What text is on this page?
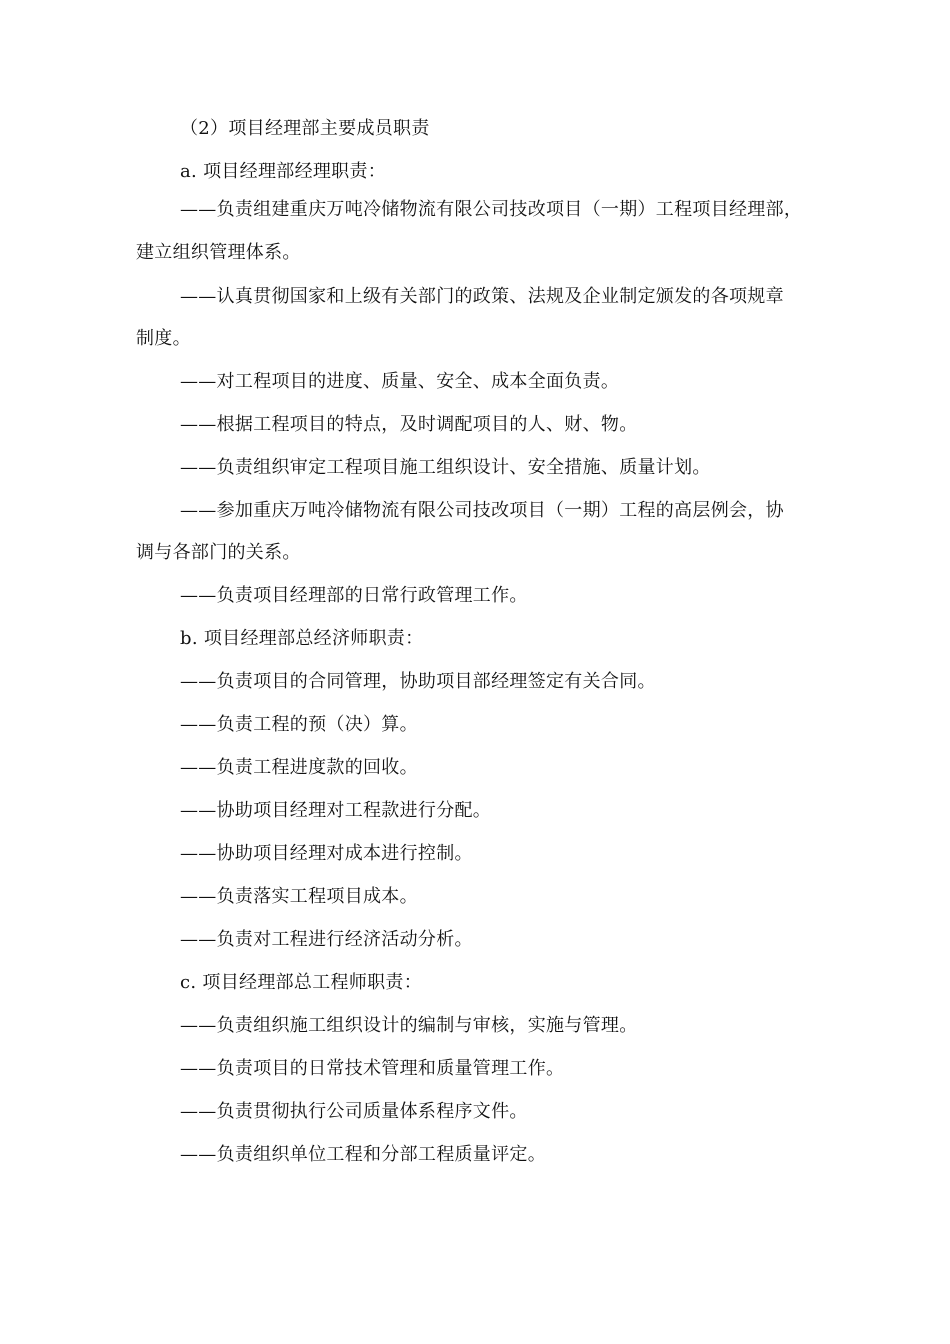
（2）项目经理部主要成员职责
a. 项目经理部经理职责：
——负责组建重庆万吨冷储物流有限公司技改项目（一期）工程项目经理部，
建立组织管理体系。
——认真贯彻国家和上级有关部门的政策、法规及企业制定颁发的各项规章
制度。
——对工程项目的进度、质量、安全、成本全面负责。
——根据工程项目的特点，及时调配项目的人、财、物。
——负责组织审定工程项目施工组织设计、安全措施、质量计划。
——参加重庆万吨冷储物流有限公司技改项目（一期）工程的高层例会，协
调与各部门的关系。
——负责项目经理部的日常行政管理工作。
b. 项目经理部总经济师职责：
——负责项目的合同管理，协助项目部经理签定有关合同。
——负责工程的预（决）算。
——负责工程进度款的回收。
——协助项目经理对工程款进行分配。
——协助项目经理对成本进行控制。
——负责落实工程项目成本。
——负责对工程进行经济活动分析。
c. 项目经理部总工程师职责：
——负责组织施工组织设计的编制与审核，实施与管理。
——负责项目的日常技术管理和质量管理工作。
——负责贯彻执行公司质量体系程序文件。
——负责组织单位工程和分部工程质量评定。
